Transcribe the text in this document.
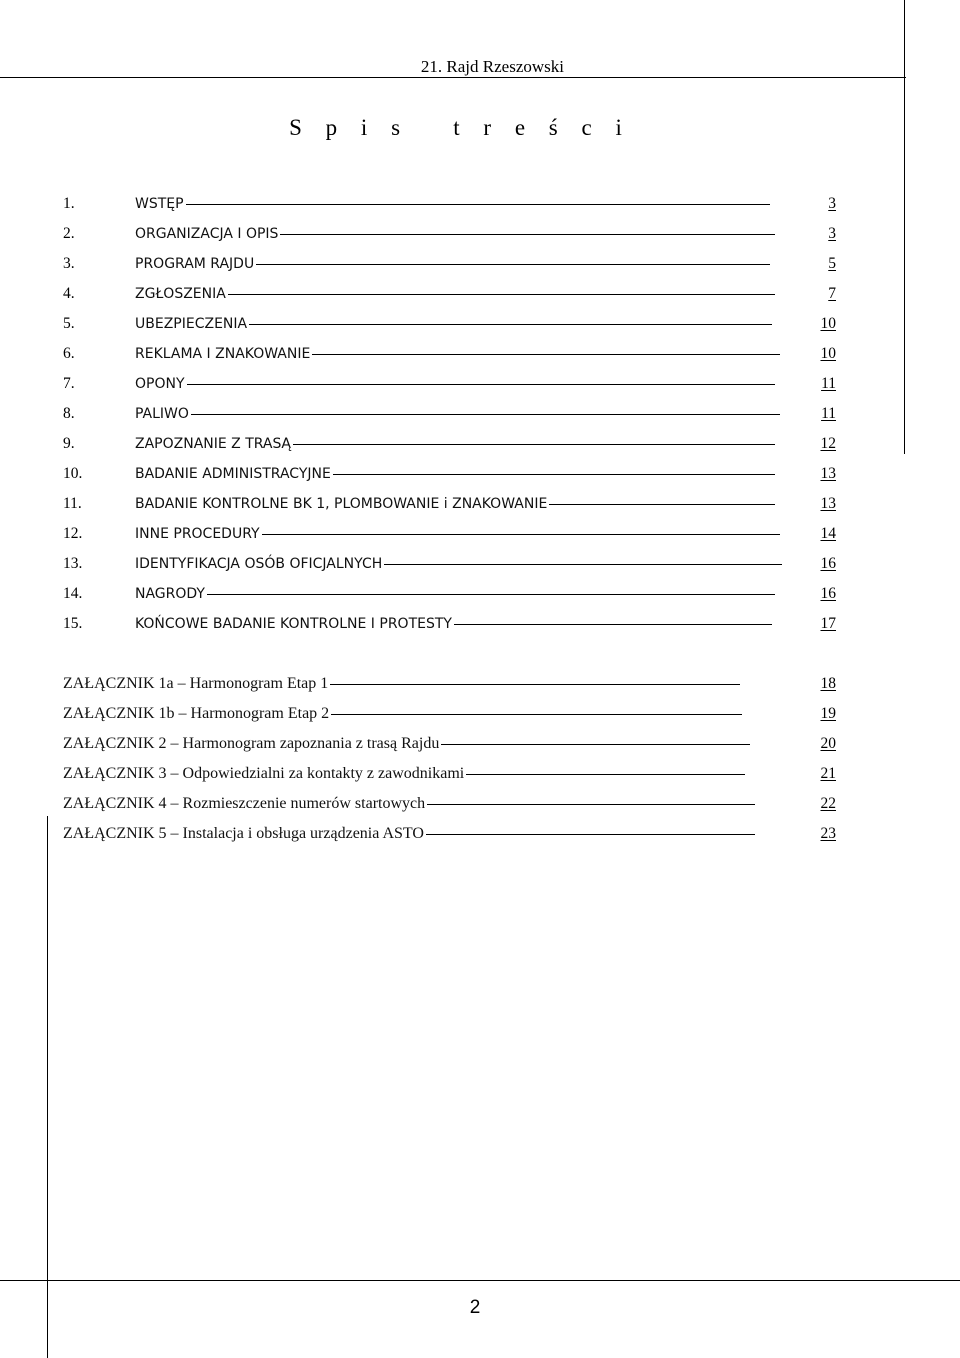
21. Rajd Rzeszowski
S p i s   t r e ś c i
1.	WSTĘP	3
2.	ORGANIZACJA I OPIS	3
3.	PROGRAM RAJDU	5
4.	ZGŁOSZENIA	7
5.	UBEZPIECZENIA	10
6.	REKLAMA I ZNAKOWANIE	10
7.	OPONY	11
8.	PALIWO	11
9.	ZAPOZNANIE Z TRASĄ	12
10.	BADANIE ADMINISTRACYJNE	13
11.	BADANIE KONTROLNE BK 1, PLOMBOWANIE i ZNAKOWANIE	13
12.	INNE PROCEDURY	14
13.	IDENTYFIKACJA OSÓB OFICJALNYCH	16
14.	NAGRODY	16
15.	KOŃCOWE BADANIE KONTROLNE I PROTESTY	17
ZAŁĄCZNIK 1a – Harmonogram Etap 1	18
ZAŁĄCZNIK 1b – Harmonogram Etap 2	19
ZAŁĄCZNIK 2 – Harmonogram zapoznania z trasą Rajdu	20
ZAŁĄCZNIK 3 – Odpowiedzialni za kontakty z zawodnikami	21
ZAŁĄCZNIK 4 – Rozmieszczenie numerów startowych	22
ZAŁĄCZNIK 5 – Instalacja i obsługa urządzenia ASTO	23
2
